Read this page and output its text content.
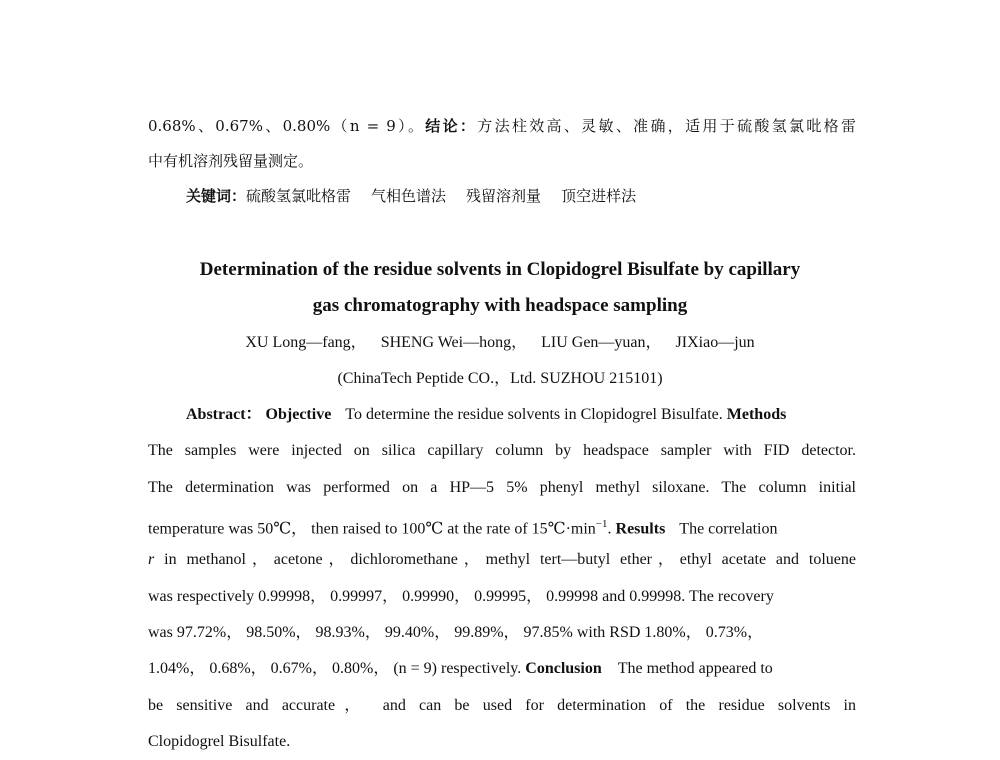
0.68%、0.67%、0.80%（n = 9）。结论：方法柱效高、灵敏、准确，适用于硫酸氢氯吡格雷
中有机溶剂残留量测定。
关键词：硫酸氢氯吡格雷 气相色谱法 残留溶剂量 顶空进样法
Determination of the residue solvents in Clopidogrel Bisulfate by capillary
gas chromatography with headspace sampling
XU Long—fang， SHENG Wei—hong， LIU Gen—yuan， JIXiao—jun
(ChinaTech Peptide CO.，Ltd. SUZHOU 215101)
Abstract： Objective To determine the residue solvents in Clopidogrel Bisulfate. Methods
The samples were injected on silica capillary column by headspace sampler with FID detector.
The determination was performed on a HP—5 5% phenyl methyl siloxane. The column initial
temperature was 50℃， then raised to 100℃ at the rate of $15℃\cdot\min^{-1}$. Results The correlation
r in methanol，acetone，dichloromethane，methyl tert—butyl ether，ethyl acetate and toluene
was respectively 0.99998， 0.99997， 0.99990， 0.99995， 0.99998 and 0.99998. The recovery
was 97.72%， 98.50%， 98.93%， 99.40%， 99.89%， 97.85% with RSD 1.80%， 0.73%，
1.04%， 0.68%， 0.67%， 0.80%， (n = 9) respectively. Conclusion The method appeared to
be sensitive and accurate， and can be used for determination of the residue solvents in
Clopidogrel Bisulfate.
